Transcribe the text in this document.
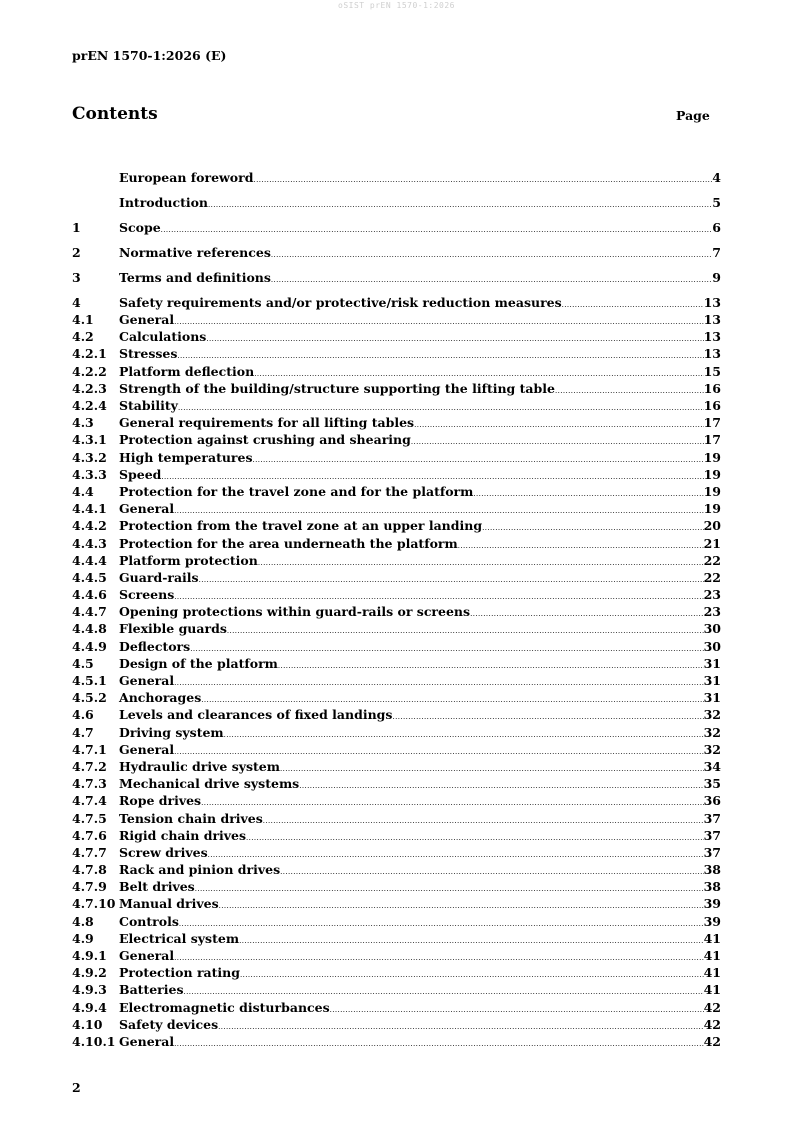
oSIST prEN 1570-1:2026
prEN 1570-1:2026 (E)
Contents	Page
European foreword .....	4
Introduction .....	5
1	Scope .....	6
2	Normative references .....	7
3	Terms and definitions .....	9
4	Safety requirements and/or protective/risk reduction measures .....	13
4.1	General .....	13
4.2	Calculations .....	13
4.2.1 Stresses .....	13
4.2.2 Platform deflection .....	15
4.2.3 Strength of the building/structure supporting the lifting table .....	16
4.2.4 Stability .....	16
4.3	General requirements for all lifting tables .....	17
4.3.1 Protection against crushing and shearing .....	17
4.3.2 High temperatures .....	19
4.3.3 Speed .....	19
4.4	Protection for the travel zone and for the platform .....	19
4.4.1 General .....	19
4.4.2 Protection from the travel zone at an upper landing .....	20
4.4.3 Protection for the area underneath the platform .....	21
4.4.4 Platform protection .....	22
4.4.5 Guard-rails .....	22
4.4.6 Screens .....	23
4.4.7 Opening protections within guard-rails or screens .....	23
4.4.8 Flexible guards .....	30
4.4.9 Deflectors .....	30
4.5	Design of the platform .....	31
4.5.1 General .....	31
4.5.2 Anchorages .....	31
4.6	Levels and clearances of fixed landings .....	32
4.7	Driving system .....	32
4.7.1 General .....	32
4.7.2 Hydraulic drive system .....	34
4.7.3 Mechanical drive systems .....	35
4.7.4 Rope drives .....	36
4.7.5 Tension chain drives .....	37
4.7.6 Rigid chain drives .....	37
4.7.7 Screw drives .....	37
4.7.8 Rack and pinion drives .....	38
4.7.9 Belt drives .....	38
4.7.10 Manual drives .....	39
4.8	Controls .....	39
4.9	Electrical system .....	41
4.9.1 General .....	41
4.9.2 Protection rating .....	41
4.9.3 Batteries .....	41
4.9.4 Electromagnetic disturbances .....	42
4.10	Safety devices .....	42
4.10.1 General .....	42
2
